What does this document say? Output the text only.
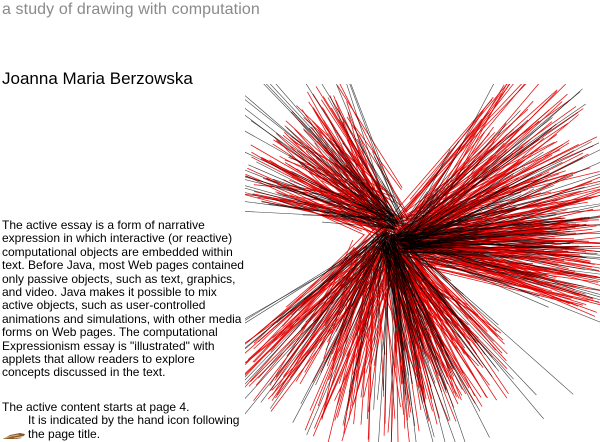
a study of drawing with computation
Joanna Maria Berzowska
The active essay is a form of narrative expression in which interactive (or reactive) computational objects are embedded within text. Before Java, most Web pages contained only passive objects, such as text, graphics, and video. Java makes it possible to mix active objects, such as user-controlled animations and simulations, with other media forms on Web pages. The computational Expressionism essay is "illustrated" with applets that allow readers to explore concepts discussed in the text.
The active content starts at page 4.
It is indicated by the hand icon following the page title.
